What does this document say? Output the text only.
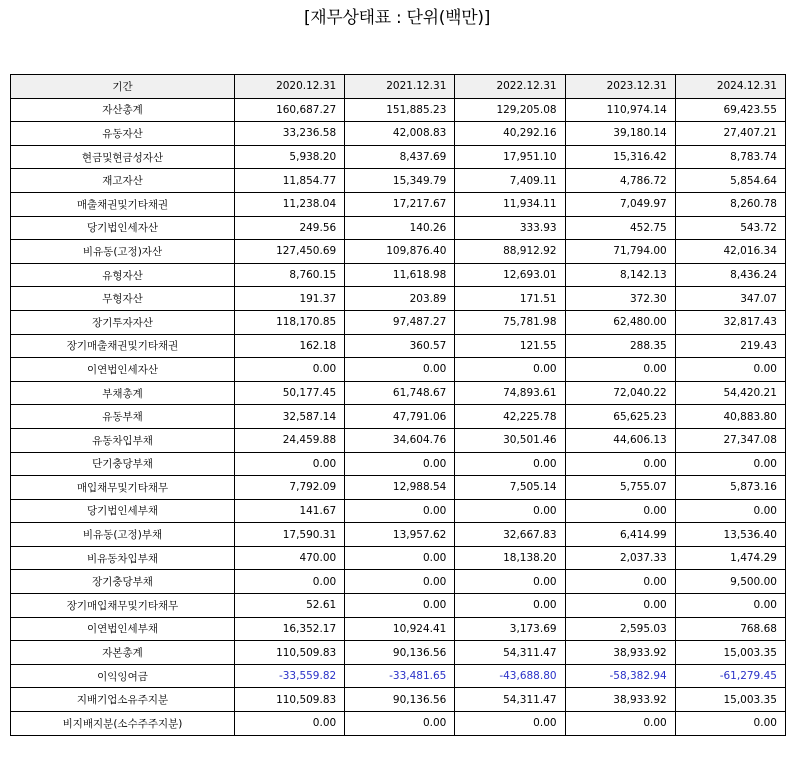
[재무상태표 : 단위(백만)]
기간	2020.12.31	2021.12.31	2022.12.31	2023.12.31	2024.12.31
자산총계	160,687.27	151,885.23	129,205.08	110,974.14	69,423.55
유동자산	33,236.58	42,008.83	40,292.16	39,180.14	27,407.21
현금및현금성자산	5,938.20	8,437.69	17,951.10	15,316.42	8,783.74
재고자산	11,854.77	15,349.79	7,409.11	4,786.72	5,854.64
매출채권및기타채권	11,238.04	17,217.67	11,934.11	7,049.97	8,260.78
당기법인세자산	249.56	140.26	333.93	452.75	543.72
비유동(고정)자산	127,450.69	109,876.40	88,912.92	71,794.00	42,016.34
유형자산	8,760.15	11,618.98	12,693.01	8,142.13	8,436.24
무형자산	191.37	203.89	171.51	372.30	347.07
장기투자자산	118,170.85	97,487.27	75,781.98	62,480.00	32,817.43
장기매출채권및기타채권	162.18	360.57	121.55	288.35	219.43
이연법인세자산	0.00	0.00	0.00	0.00	0.00
부채총계	50,177.45	61,748.67	74,893.61	72,040.22	54,420.21
유동부채	32,587.14	47,791.06	42,225.78	65,625.23	40,883.80
유동차입부채	24,459.88	34,604.76	30,501.46	44,606.13	27,347.08
단기충당부채	0.00	0.00	0.00	0.00	0.00
매입채무및기타채무	7,792.09	12,988.54	7,505.14	5,755.07	5,873.16
당기법인세부채	141.67	0.00	0.00	0.00	0.00
비유동(고정)부채	17,590.31	13,957.62	32,667.83	6,414.99	13,536.40
비유동차입부채	470.00	0.00	18,138.20	2,037.33	1,474.29
장기충당부채	0.00	0.00	0.00	0.00	9,500.00
장기매입채무및기타채무	52.61	0.00	0.00	0.00	0.00
이연법인세부채	16,352.17	10,924.41	3,173.69	2,595.03	768.68
자본총계	110,509.83	90,136.56	54,311.47	38,933.92	15,003.35
이익잉여금	-33,559.82	-33,481.65	-43,688.80	-58,382.94	-61,279.45
지배기업소유주지분	110,509.83	90,136.56	54,311.47	38,933.92	15,003.35
비지배지분(소수주주지분)	0.00	0.00	0.00	0.00	0.00
